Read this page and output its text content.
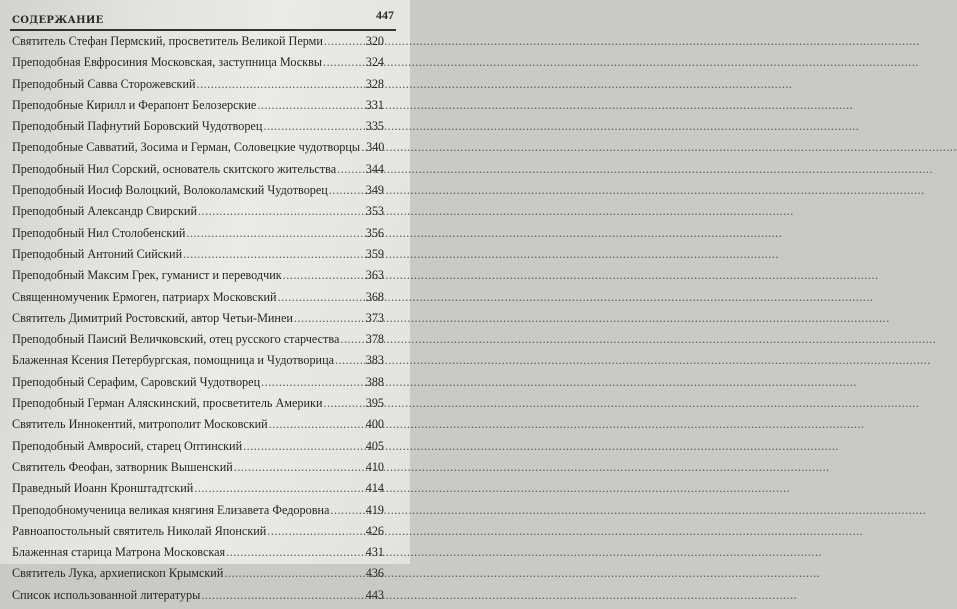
СОДЕРЖАНИЕ	447
Святитель Стефан Пермский, просветитель Великой Перми .....	320
Преподобная Евфросиния Московская, заступница Москвы .....	324
Преподобный Савва Сторожевский .....	328
Преподобные Кирилл и Ферапонт Белозерские .....	331
Преподобный Пафнутий Боровский Чудотворец .....	335
Преподобные Савватий, Зосима и Герман, Соловецкие чудотворцы ..... 340
Преподобный Нил Сорский, основатель скитского жительства ..... 344
Преподобный Иосиф Волоцкий, Волоколамский Чудотворец .....	349
Преподобный Александр Свирский .....	353
Преподобный Нил Столобенский .....	356
Преподобный Антоний Сийский .....	359
Преподобный Максим Грек, гуманист и переводчик .....	363
Священномученик Ермоген, патриарх Московский .....	368
Святитель Димитрий Ростовский, автор Четьи-Минеи .....	373
Преподобный Паисий Величковский, отец русского старчества ..... 378
Блаженная Ксения Петербургская, помощница и Чудотворица .....	383
Преподобный Серафим, Саровский Чудотворец .....	388
Преподобный Герман Аляскинский, просветитель Америки .....	395
Святитель Иннокентий, митрополит Московский .....	400
Преподобный Амвросий, старец Оптинский .....	405
Святитель Феофан, затворник Вышенский .....	410
Праведный Иоанн Кронштадтский .....	414
Преподобномученица великая княгиня Елизавета Федоровна .....	419
Равноапостольный святитель Николай Японский .....	426
Блаженная старица Матрона Московская .....	431
Святитель Лука, архиепископ Крымский .....	436
Список использованной литературы .....	443
